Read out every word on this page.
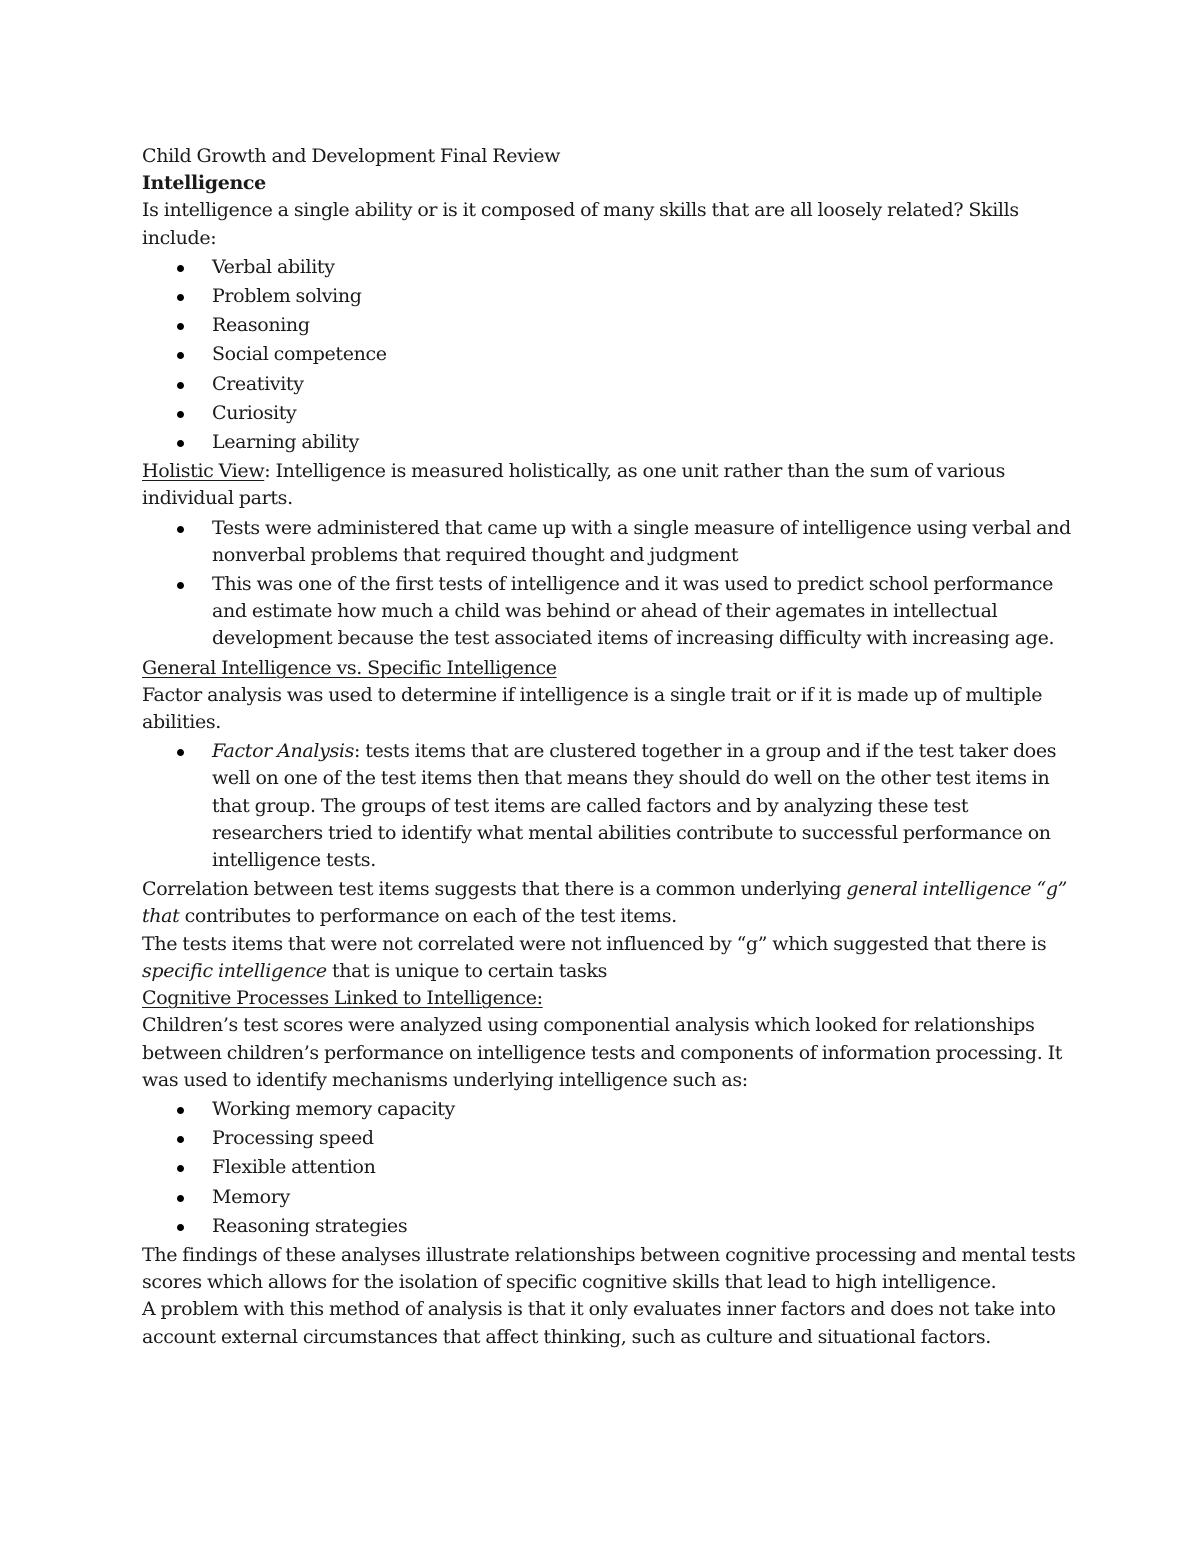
Child Growth and Development Final Review

Intelligence

Is intelligence a single ability or is it composed of many skills that are all loosely related? Skills include:

Verbal ability
Problem solving
Reasoning
Social competence
Creativity
Curiosity
Learning ability

Holistic View: Intelligence is measured holistically, as one unit rather than the sum of various individual parts.

Tests were administered that came up with a single measure of intelligence using verbal and nonverbal problems that required thought and judgment
This was one of the first tests of intelligence and it was used to predict school performance and estimate how much a child was behind or ahead of their agemates in intellectual development because the test associated items of increasing difficulty with increasing age.

General Intelligence vs. Specific Intelligence

Factor analysis was used to determine if intelligence is a single trait or if it is made up of multiple abilities.

Factor Analysis: tests items that are clustered together in a group and if the test taker does well on one of the test items then that means they should do well on the other test items in that group. The groups of test items are called factors and by analyzing these test researchers tried to identify what mental abilities contribute to successful performance on intelligence tests.

Correlation between test items suggests that there is a common underlying general intelligence “g” that contributes to performance on each of the test items.

The tests items that were not correlated were not influenced by “g” which suggested that there is specific intelligence that is unique to certain tasks

Cognitive Processes Linked to Intelligence:

Children’s test scores were analyzed using componential analysis which looked for relationships between children’s performance on intelligence tests and components of information processing. It was used to identify mechanisms underlying intelligence such as:

Working memory capacity
Processing speed
Flexible attention
Memory
Reasoning strategies

The findings of these analyses illustrate relationships between cognitive processing and mental tests scores which allows for the isolation of specific cognitive skills that lead to high intelligence.

A problem with this method of analysis is that it only evaluates inner factors and does not take into account external circumstances that affect thinking, such as culture and situational factors.
